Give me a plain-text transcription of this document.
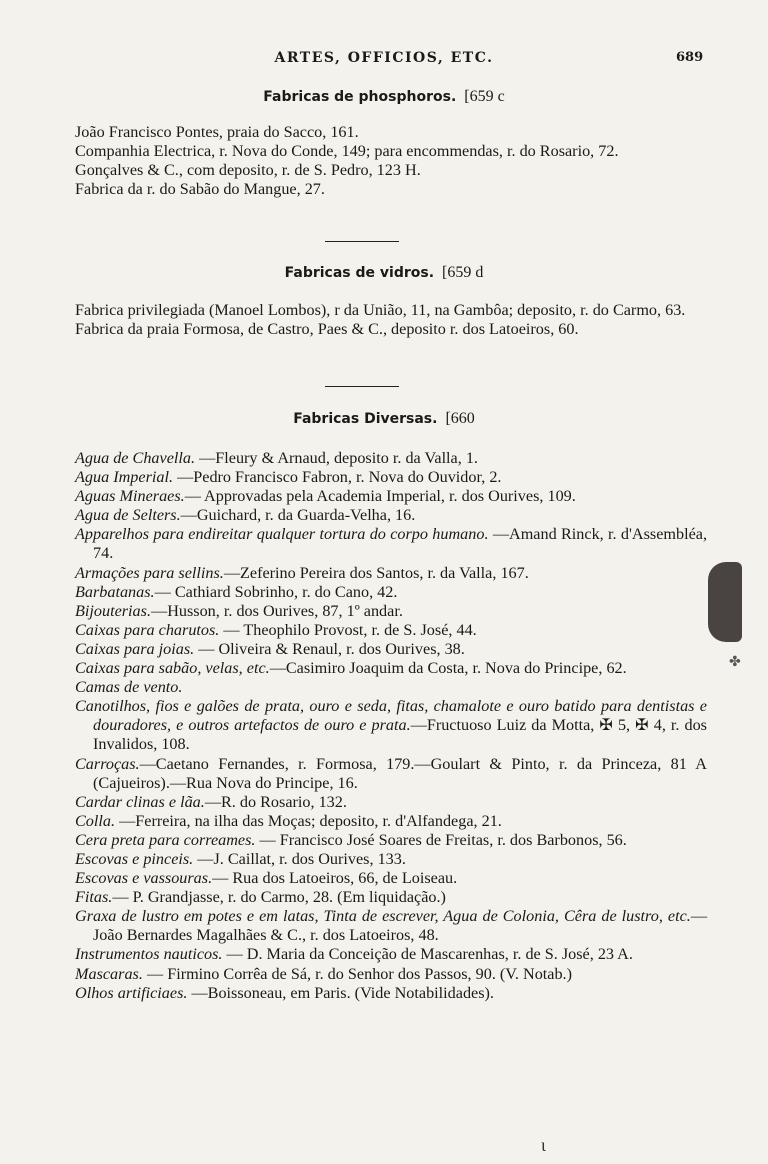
ARTES, OFFICIOS, ETC.	689
Fabricas de phosphoros. [659 c
João Francisco Pontes, praia do Sacco, 161.
Companhia Electrica, r. Nova do Conde, 149; para encommendas, r. do Rosario, 72.
Gonçalves & C., com deposito, r. de S. Pedro, 123 H.
Fabrica da r. do Sabão do Mangue, 27.
Fabricas de vidros. [659 d
Fabrica privilegiada (Manoel Lombos), r da União, 11, na Gambôa; deposito, r. do Carmo, 63.
Fabrica da praia Formosa, de Castro, Paes & C., deposito r. dos Latoeiros, 60.
Fabricas Diversas. [660
Agua de Chavella. —Fleury & Arnaud, deposito r. da Valla, 1.
Agua Imperial. —Pedro Francisco Fabron, r. Nova do Ouvidor, 2.
Aguas Mineraes.— Approvadas pela Academia Imperial, r. dos Ourives, 109.
Agua de Selters.—Guichard, r. da Guarda-Velha, 16.
Apparelhos para endireitar qualquer tortura do corpo humano. —Amand Rinck, r. d'Assembléa, 74.
Armações para sellins.—Zeferino Pereira dos Santos, r. da Valla, 167.
Barbatanas.— Cathiard Sobrinho, r. do Cano, 42.
Bijouterias.—Husson, r. dos Ourives, 87, 1º andar.
Caixas para charutos. — Theophilo Provost, r. de S. José, 44.
Caixas para joias. — Oliveira & Renaul, r. dos Ourives, 38.
Caixas para sabão, velas, etc.—Casimiro Joaquim da Costa, r. Nova do Principe, 62.
Camas de vento.
Canotilhos, fios e galões de prata, ouro e seda, fitas, chamalote e ouro batido para dentistas e douradores, e outros artefactos de ouro e prata.—Fructuoso Luiz da Motta, ✠ 5, ✠ 4, r. dos Invalidos, 108.
Carroças.—Caetano Fernandes, r. Formosa, 179.—Goulart & Pinto, r. da Princeza, 81 A (Cajueiros).—Rua Nova do Principe, 16.
Cardar clinas e lãa.—R. do Rosario, 132.
Colla. —Ferreira, na ilha das Moças; deposito, r. d'Alfandega, 21.
Cera preta para correames. — Francisco José Soares de Freitas, r. dos Barbonos, 56.
Escovas e pinceis. —J. Caillat, r. dos Ourives, 133.
Escovas e vassouras.— Rua dos Latoeiros, 66, de Loiseau.
Fitas.— P. Grandjasse, r. do Carmo, 28. (Em liquidação.)
Graxa de lustro em potes e em latas, Tinta de escrever, Agua de Colonia, Cêra de lustro, etc.— João Bernardes Magalhães & C., r. dos Latoeiros, 48.
Instrumentos nauticos. — D. Maria da Conceição de Mascarenhas, r. de S. José, 23 A.
Mascaras. — Firmino Corrêa de Sá, r. do Senhor dos Passos, 90. (V. Notab.)
Olhos artificiaes. —Boissoneau, em Paris. (Vide Notabilidades).
✤
ι
